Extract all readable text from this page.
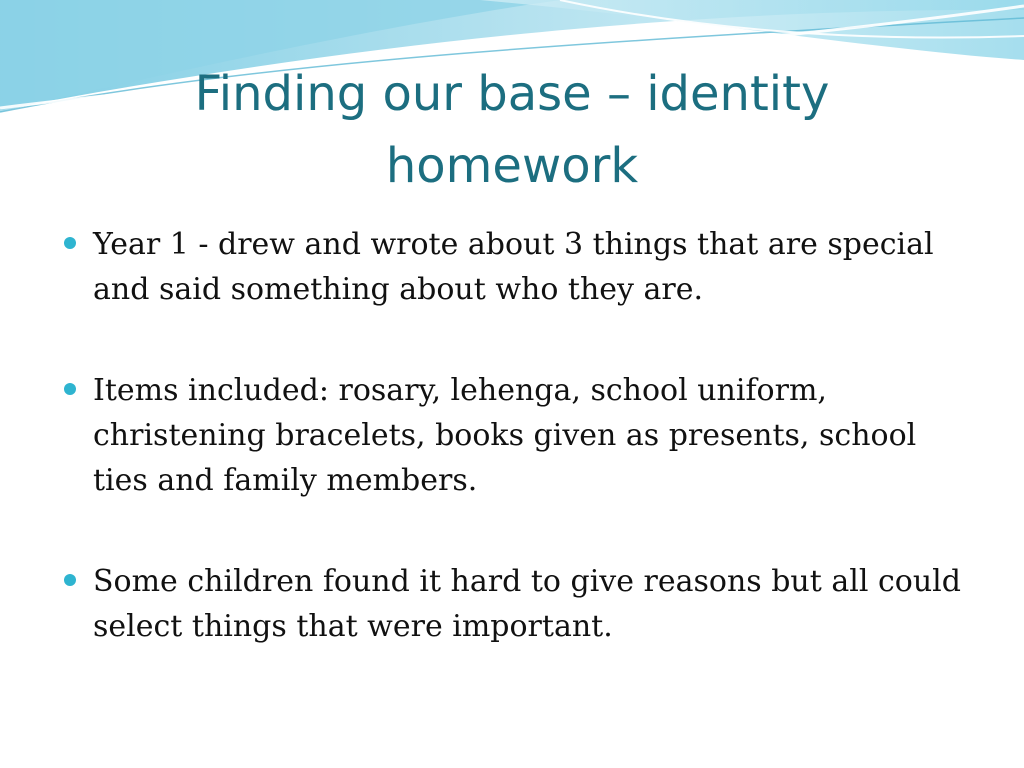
Finding our base – identity
homework
Year 1 - drew and wrote about 3 things that are special and said something about who they are.
Items included: rosary, lehenga, school uniform, christening bracelets, books given as presents, school ties and family members.
Some children found it hard to give reasons but all could select things that were important.
